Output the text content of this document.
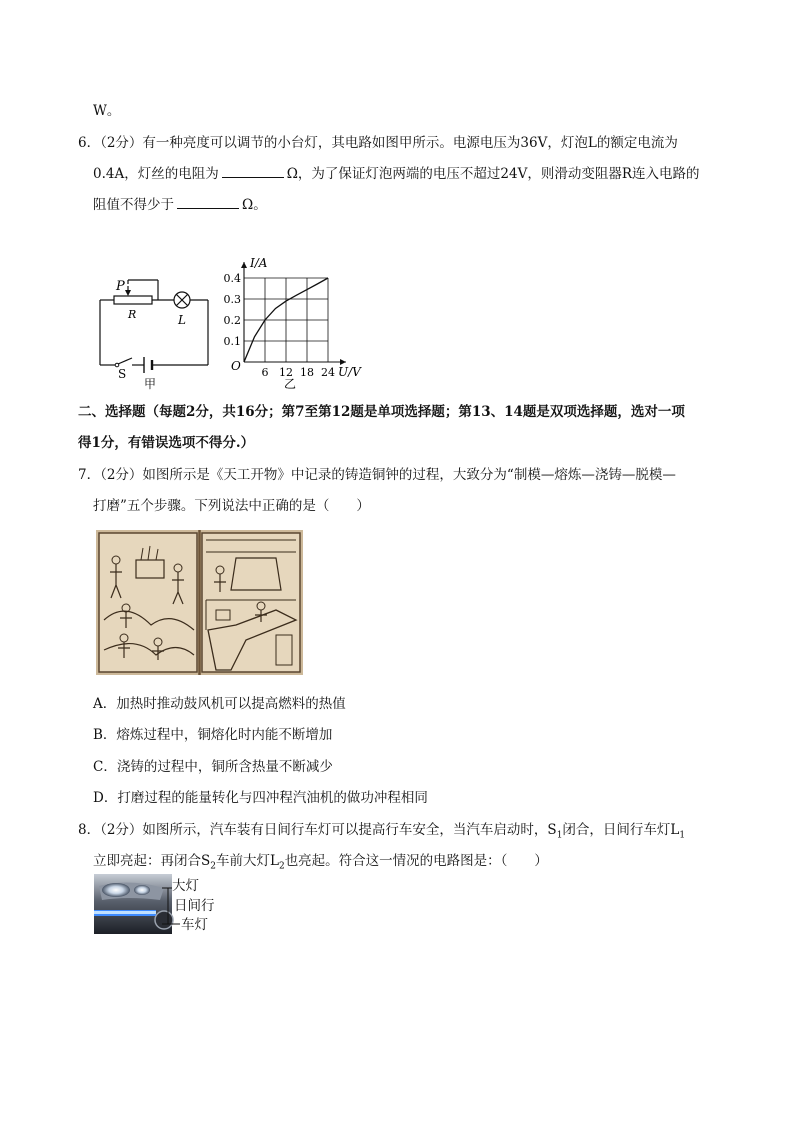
W。
6．（2分）有一种亮度可以调节的小台灯，其电路如图甲所示。电源电压为36V，灯泡L的额定电流为
0.4A，灯丝的电阻为	Ω，为了保证灯泡两端的电压不超过24V，则滑动变阻器R连入电路的
阻值不得少于	Ω。
P
R	L
S
甲
6 12 18 24
0.1
0.2
0.3
0.4
I/A
U/V
O
乙
二、选择题（每题2分，共16分；第7至第12题是单项选择题；第13、14题是双项选择题，选对一项
得1分，有错误选项不得分.）
7．（2分）如图所示是《天工开物》中记录的铸造铜钟的过程，大致分为“制模—熔炼—浇铸—脱模—
打磨”五个步骤。下列说法中正确的是（　　）
A．加热时推动鼓风机可以提高燃料的热值
B．熔炼过程中，铜熔化时内能不断增加
C．浇铸的过程中，铜所含热量不断减少
D．打磨过程的能量转化与四冲程汽油机的做功冲程相同
8．（2分）如图所示，汽车装有日间行车灯可以提高行车安全，当汽车启动时，$S_1$闭合，日间行车灯$L_1$
立即亮起：再闭合$S_2$车前大灯$L_2$也亮起。符合这一情况的电路图是：（　　）
大灯
日间行
车灯
